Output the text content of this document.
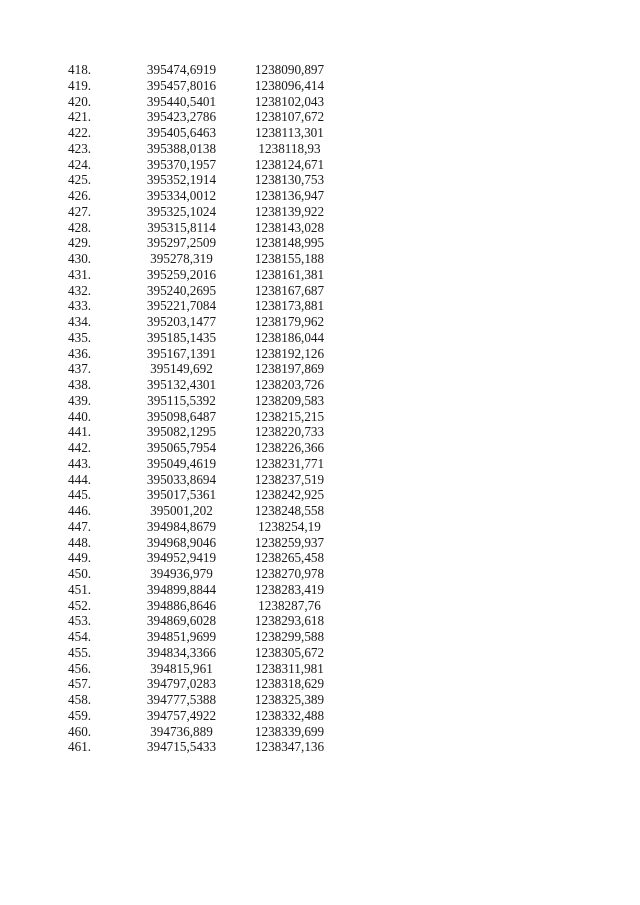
418.	395474,6919	1238090,897
419.	395457,8016	1238096,414
420.	395440,5401	1238102,043
421.	395423,2786	1238107,672
422.	395405,6463	1238113,301
423.	395388,0138	1238118,93
424.	395370,1957	1238124,671
425.	395352,1914	1238130,753
426.	395334,0012	1238136,947
427.	395325,1024	1238139,922
428.	395315,8114	1238143,028
429.	395297,2509	1238148,995
430.	395278,319	1238155,188
431.	395259,2016	1238161,381
432.	395240,2695	1238167,687
433.	395221,7084	1238173,881
434.	395203,1477	1238179,962
435.	395185,1435	1238186,044
436.	395167,1391	1238192,126
437.	395149,692	1238197,869
438.	395132,4301	1238203,726
439.	395115,5392	1238209,583
440.	395098,6487	1238215,215
441.	395082,1295	1238220,733
442.	395065,7954	1238226,366
443.	395049,4619	1238231,771
444.	395033,8694	1238237,519
445.	395017,5361	1238242,925
446.	395001,202	1238248,558
447.	394984,8679	1238254,19
448.	394968,9046	1238259,937
449.	394952,9419	1238265,458
450.	394936,979	1238270,978
451.	394899,8844	1238283,419
452.	394886,8646	1238287,76
453.	394869,6028	1238293,618
454.	394851,9699	1238299,588
455.	394834,3366	1238305,672
456.	394815,961	1238311,981
457.	394797,0283	1238318,629
458.	394777,5388	1238325,389
459.	394757,4922	1238332,488
460.	394736,889	1238339,699
461.	394715,5433	1238347,136
